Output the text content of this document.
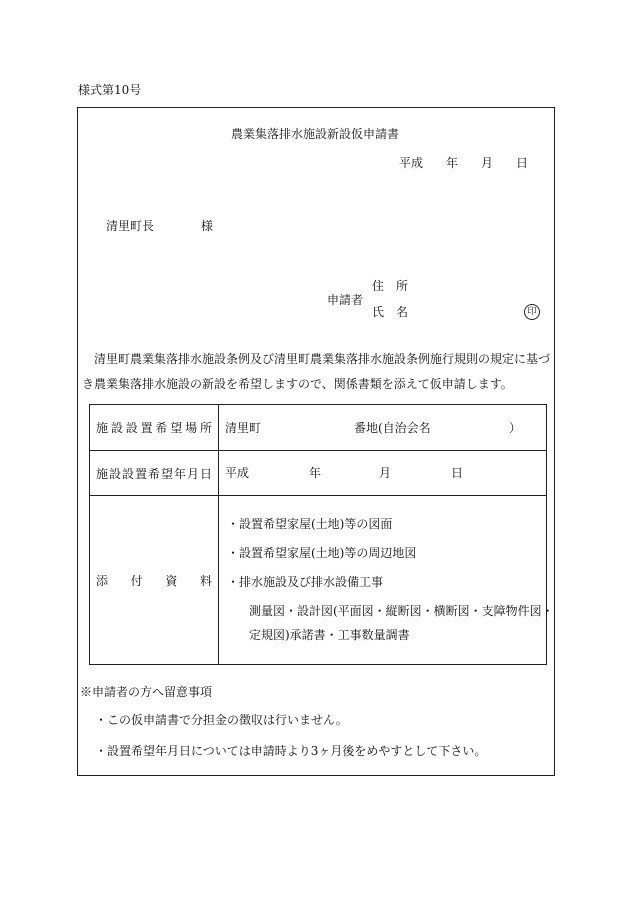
様式第10号
農業集落排水施設新設仮申請書
平成 年 月 日
清里町長	様
申請者
住　所
氏　名	印
清里町農業集落排水施設条例及び清里町農業集落排水施設条例施行規則の規定に基づき農業集落排水施設の新設を希望しますので、関係書類を添えて仮申請します。
施設設置希望場所	清里町 番地(自治会名 ）

施設設置希望年月日	平成 年 月 日

添付資料	・設置希望家屋(土地)等の図面
・設置希望家屋(土地)等の周辺地図
・排水施設及び排水設備工事
測量図・設計図(平面図・縦断図・横断図・支障物件図・
定規図)承諾書・工事数量調書
※申請者の方へ留意事項
・この仮申請書で分担金の徴収は行いません。
・設置希望年月日については申請時より3ヶ月後をめやすとして下さい。
